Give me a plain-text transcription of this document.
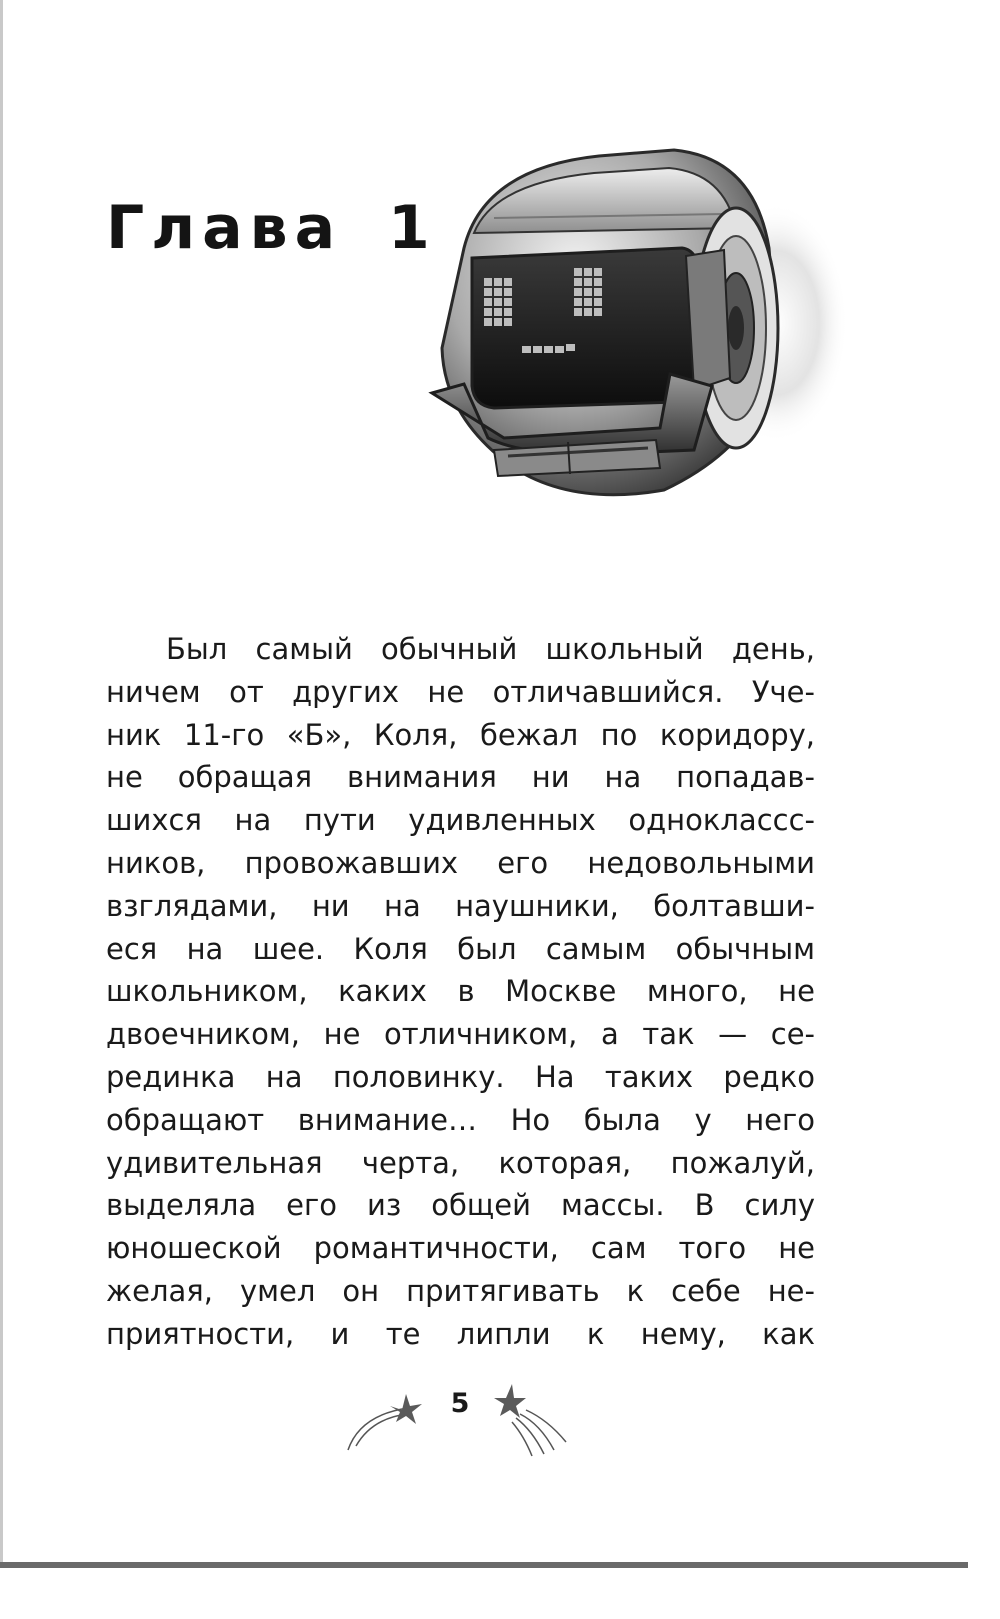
Глава 1
Был самый обычный школьный день,
ничем от других не отличавшийся. Уче-
ник 11-го «Б», Коля, бежал по коридору,
не обращая внимания ни на попадав-
шихся на пути удивленных одноклассс-
ников, провожавших его недовольными
взглядами, ни на наушники, болтавши-
еся на шее. Коля был самым обычным
школьником, каких в Москве много, не
двоечником, не отличником, а так — се-
рединка на половинку. На таких редко
обращают внимание… Но была у него
удивительная черта, которая, пожалуй,
выделяла его из общей массы. В силу
юношеской романтичности, сам того не
желая, умел он притягивать к себе не-
приятности, и те липли к нему, как
5
